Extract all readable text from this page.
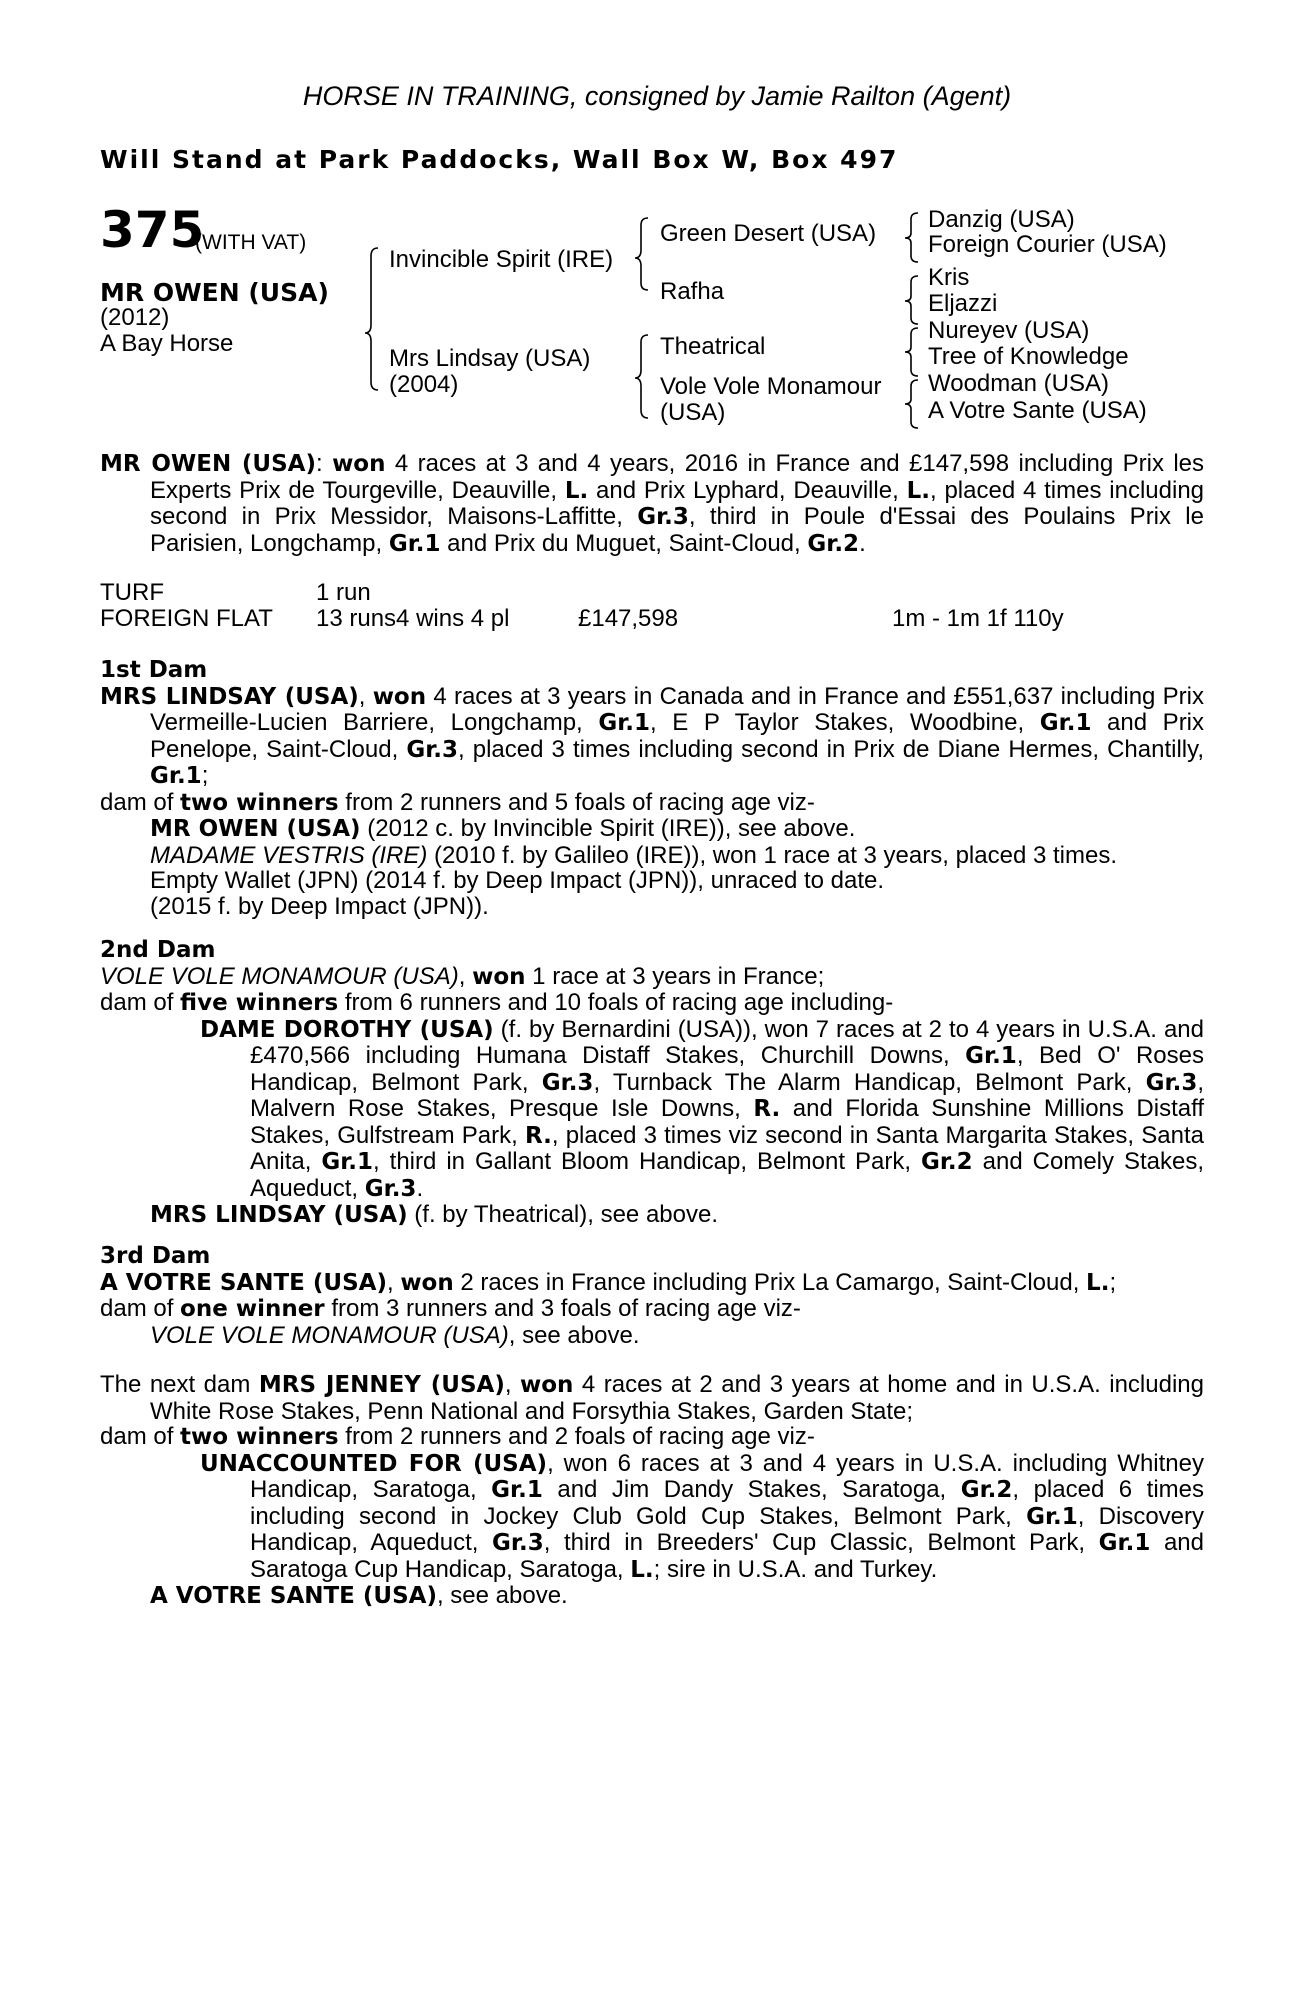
HORSE IN TRAINING, consigned by Jamie Railton (Agent)
Will Stand at Park Paddocks, Wall Box W, Box 497
375
(WITH VAT)
MR OWEN (USA)
(2012)
A Bay Horse
Invincible Spirit (IRE)
Mrs Lindsay (USA)
(2004)
Green Desert (USA)
Rafha
Theatrical
Vole Vole Monamour
(USA)
Danzig (USA)
Foreign Courier (USA)
Kris
Eljazzi
Nureyev (USA)
Tree of Knowledge
Woodman (USA)
A Votre Sante (USA)

MR OWEN (USA): won 4 races at 3 and 4 years, 2016 in France and £147,598 including Prix les Experts Prix de Tourgeville, Deauville, L. and Prix Lyphard, Deauville, L., placed 4 times including second in Prix Messidor, Maisons-Laffitte, Gr.3, third in Poule d'Essai des Poulains Prix le Parisien, Longchamp, Gr.1 and Prix du Muguet, Saint-Cloud, Gr.2.

TURF	1 run
FOREIGN FLAT 13 runs4 wins 4 pl	£147,598	1m - 1m 1f 110y

1st Dam

MRS LINDSAY (USA), won 4 races at 3 years in Canada and in France and £551,637 including Prix Vermeille-Lucien Barriere, Longchamp, Gr.1, E P Taylor Stakes, Woodbine, Gr.1 and Prix Penelope, Saint-Cloud, Gr.3, placed 3 times including second in Prix de Diane Hermes, Chantilly, Gr.1;

dam of two winners from 2 runners and 5 foals of racing age viz-

MR OWEN (USA) (2012 c. by Invincible Spirit (IRE)), see above.

MADAME VESTRIS (IRE) (2010 f. by Galileo (IRE)), won 1 race at 3 years, placed 3 times.

Empty Wallet (JPN) (2014 f. by Deep Impact (JPN)), unraced to date.

(2015 f. by Deep Impact (JPN)).

2nd Dam

VOLE VOLE MONAMOUR (USA), won 1 race at 3 years in France;

dam of five winners from 6 runners and 10 foals of racing age including-

DAME DOROTHY (USA) (f. by Bernardini (USA)), won 7 races at 2 to 4 years in U.S.A. and £470,566 including Humana Distaff Stakes, Churchill Downs, Gr.1, Bed O' Roses Handicap, Belmont Park, Gr.3, Turnback The Alarm Handicap, Belmont Park, Gr.3, Malvern Rose Stakes, Presque Isle Downs, R. and Florida Sunshine Millions Distaff Stakes, Gulfstream Park, R., placed 3 times viz second in Santa Margarita Stakes, Santa Anita, Gr.1, third in Gallant Bloom Handicap, Belmont Park, Gr.2 and Comely Stakes, Aqueduct, Gr.3.

MRS LINDSAY (USA) (f. by Theatrical), see above.

3rd Dam

A VOTRE SANTE (USA), won 2 races in France including Prix La Camargo, Saint-Cloud, L.;

dam of one winner from 3 runners and 3 foals of racing age viz-

VOLE VOLE MONAMOUR (USA), see above.

The next dam MRS JENNEY (USA), won 4 races at 2 and 3 years at home and in U.S.A. including White Rose Stakes, Penn National and Forsythia Stakes, Garden State;

dam of two winners from 2 runners and 2 foals of racing age viz-

UNACCOUNTED FOR (USA), won 6 races at 3 and 4 years in U.S.A. including Whitney Handicap, Saratoga, Gr.1 and Jim Dandy Stakes, Saratoga, Gr.2, placed 6 times including second in Jockey Club Gold Cup Stakes, Belmont Park, Gr.1, Discovery Handicap, Aqueduct, Gr.3, third in Breeders' Cup Classic, Belmont Park, Gr.1 and Saratoga Cup Handicap, Saratoga, L.; sire in U.S.A. and Turkey.

A VOTRE SANTE (USA), see above.
